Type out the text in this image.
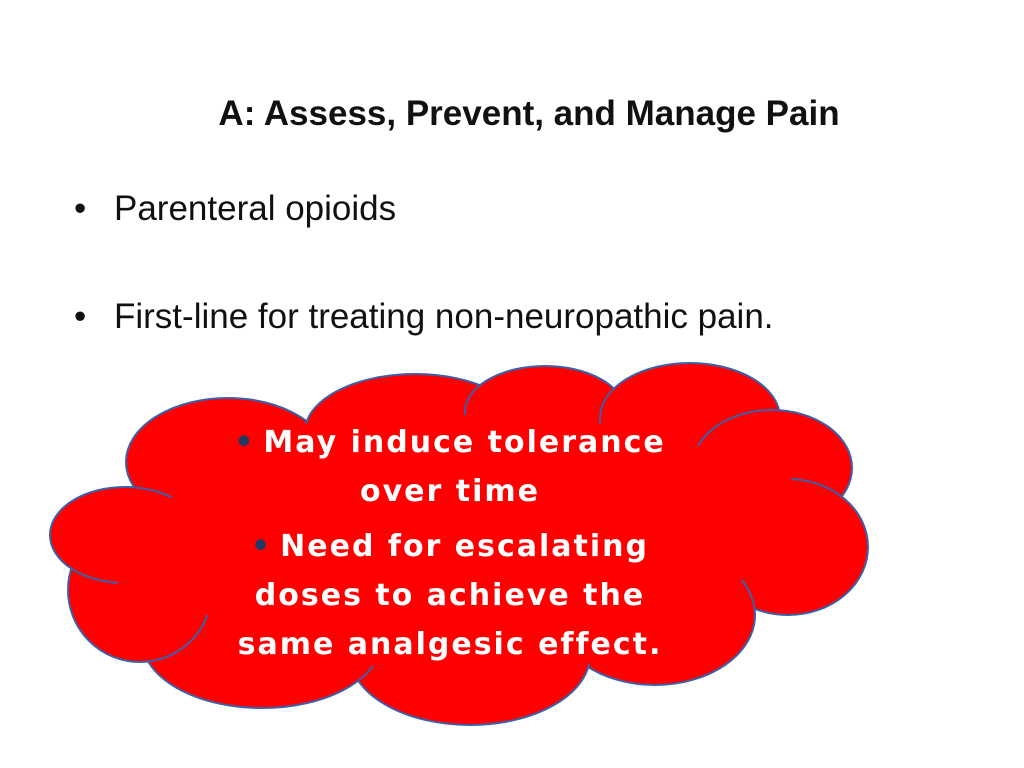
A: Assess, Prevent, and Manage Pain
• Parenteral opioids
• First-line for treating non-neuropathic pain.
• May induce tolerance over time
• Need for escalating doses to achieve the same analgesic effect.
